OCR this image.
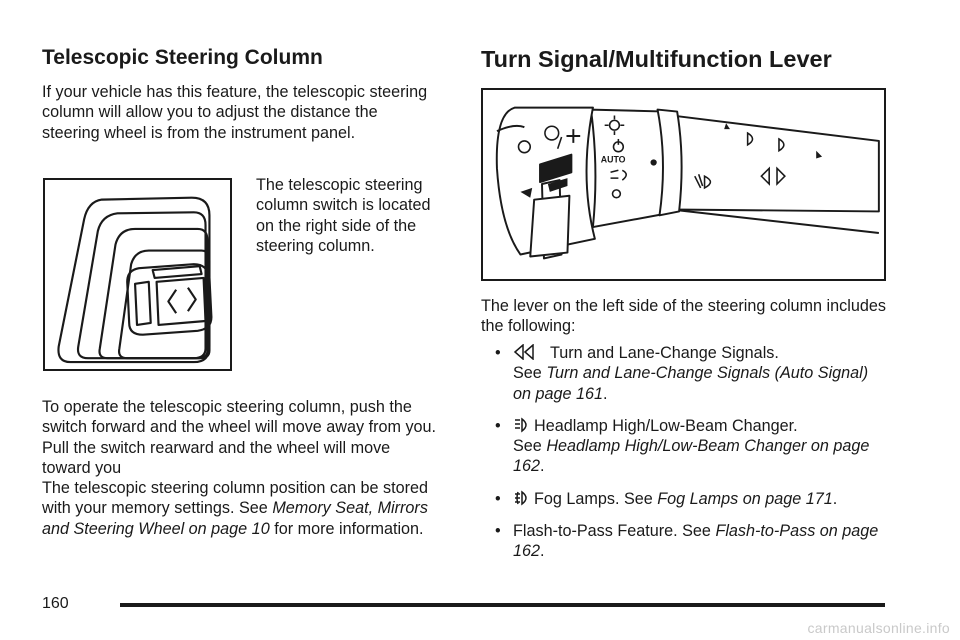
Telescopic Steering Column

If your vehicle has this feature, the telescopic steering column will allow you to adjust the distance the steering wheel is from the instrument panel.

The telescopic steering column switch is located on the right side of the steering column.

To operate the telescopic steering column, push the switch forward and the wheel will move away from you. Pull the switch rearward and the wheel will move toward you

The telescopic steering column position can be stored with your memory settings. See Memory Seat, Mirrors and Steering Wheel on page 10 for more information.

Turn Signal/Multifunction Lever
AUTO

The lever on the left side of the steering column includes the following:

• Turn and Lane-Change Signals.
See Turn and Lane-Change Signals (Auto Signal) on page 161.
• Headlamp High/Low-Beam Changer.
See Headlamp High/Low-Beam Changer on page 162.
• Fog Lamps. See Fog Lamps on page 171.
• Flash-to-Pass Feature. See Flash-to-Pass on page 162.
160
carmanualsonline.info
